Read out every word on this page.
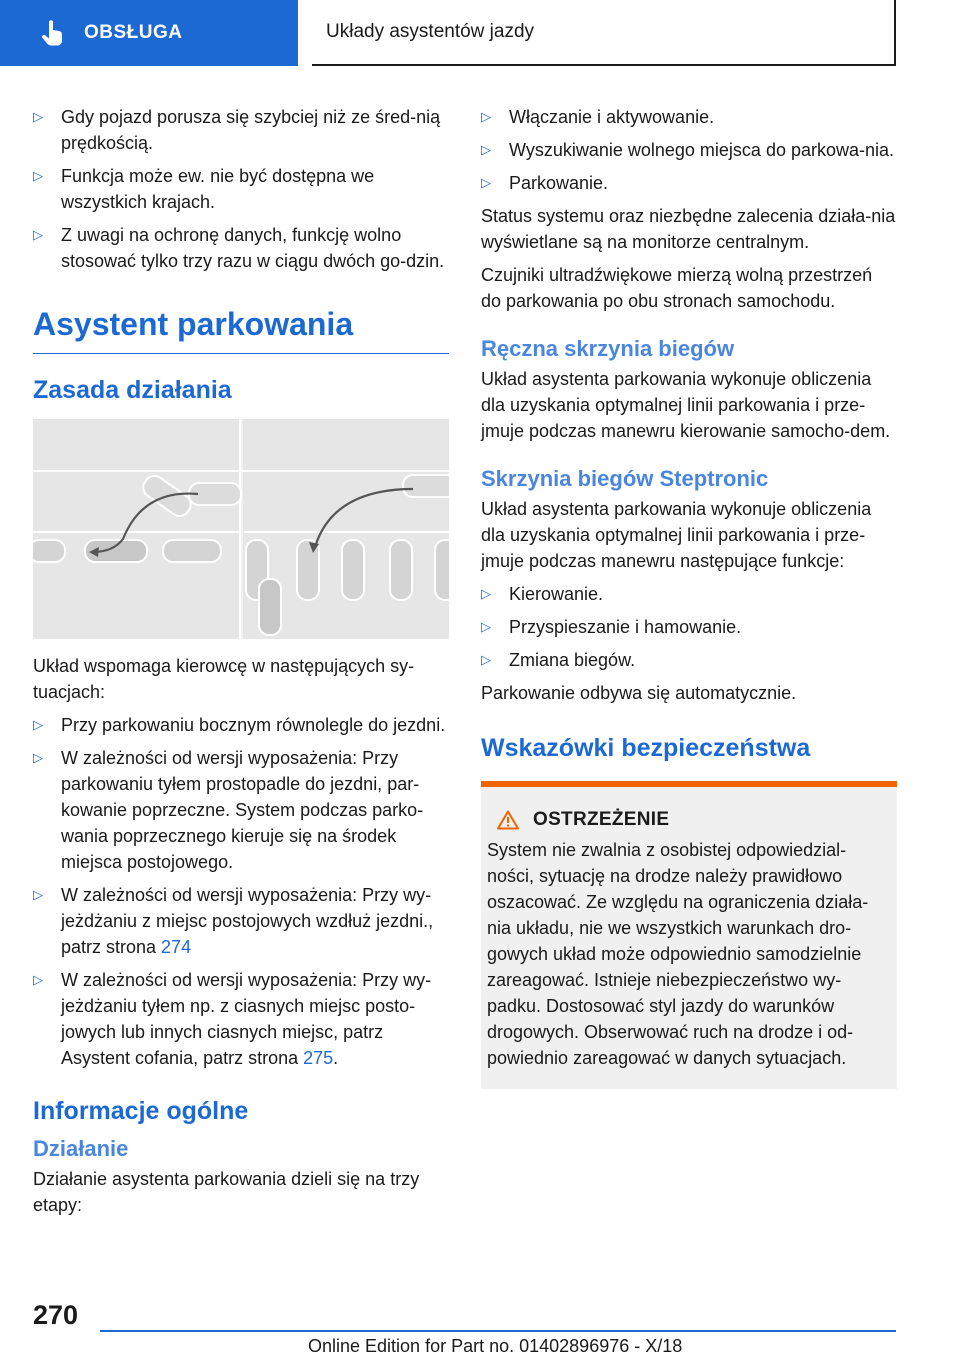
OBSŁUGA	Układy asystentów jazdy
▷	Gdy pojazd porusza się szybciej niż ze śred-nią prędkością.
▷	Funkcja może ew. nie być dostępna we wszystkich krajach.
▷	Z uwagi na ochronę danych, funkcję wolno stosować tylko trzy razu w ciągu dwóch go-dzin.
Asystent parkowania
Zasada działania
Układ wspomaga kierowcę w następujących sy-tuacjach:
▷	Przy parkowaniu bocznym równolegle do jezdni.
▷	W zależności od wersji wyposażenia: Przy parkowaniu tyłem prostopadle do jezdni, par-kowanie poprzeczne. System podczas parko-wania poprzecznego kieruje się na środek miejsca postojowego.
▷	W zależności od wersji wyposażenia: Przy wy-jeżdżaniu z miejsc postojowych wzdłuż jezdni., patrz strona 274
▷	W zależności od wersji wyposażenia: Przy wy-jeżdżaniu tyłem np. z ciasnych miejsc posto-jowych lub innych ciasnych miejsc, patrz Asystent cofania, patrz strona 275.
Informacje ogólne
Działanie
Działanie asystenta parkowania dzieli się na trzy etapy:
▷	Włączanie i aktywowanie.
▷	Wyszukiwanie wolnego miejsca do parkowa-nia.
▷	Parkowanie.
Status systemu oraz niezbędne zalecenia działa-nia wyświetlane są na monitorze centralnym.
Czujniki ultradźwiękowe mierzą wolną przestrzeń do parkowania po obu stronach samochodu.
Ręczna skrzynia biegów
Układ asystenta parkowania wykonuje obliczenia dla uzyskania optymalnej linii parkowania i prze-jmuje podczas manewru kierowanie samocho-dem.
Skrzynia biegów Steptronic
Układ asystenta parkowania wykonuje obliczenia dla uzyskania optymalnej linii parkowania i prze-jmuje podczas manewru następujące funkcje:
▷	Kierowanie.
▷	Przyspieszanie i hamowanie.
▷	Zmiana biegów.
Parkowanie odbywa się automatycznie.
Wskazówki bezpieczeństwa
OSTRZEŻENIE
System nie zwalnia z osobistej odpowiedzial-ności, sytuację na drodze należy prawidłowo oszacować. Ze względu na ograniczenia działa-nia układu, nie we wszystkich warunkach dro-gowych układ może odpowiednio samodzielnie zareagować. Istnieje niebezpieczeństwo wy-padku. Dostosować styl jazdy do warunków drogowych. Obserwować ruch na drodze i od-powiednio zareagować w danych sytuacjach.
270
Online Edition for Part no. 01402896976 - X/18
